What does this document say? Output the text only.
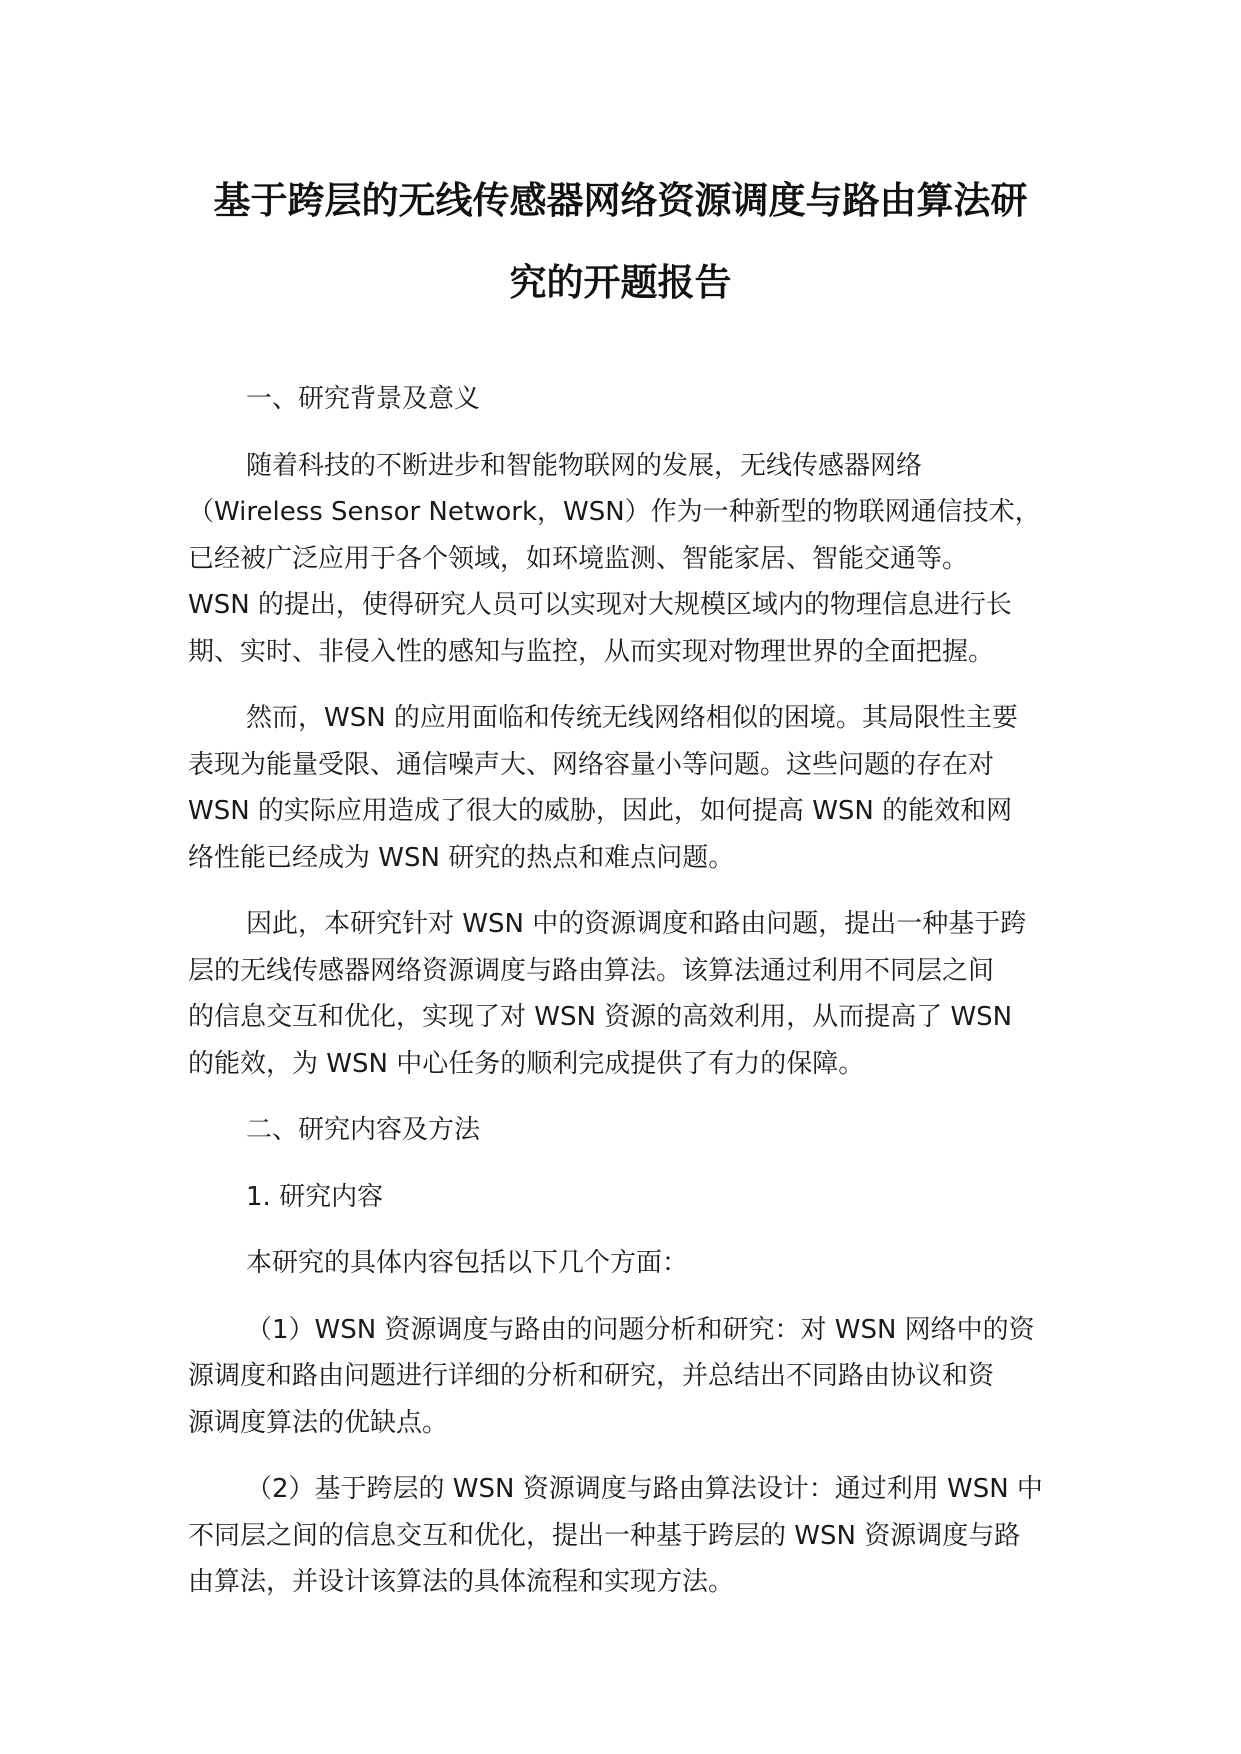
基于跨层的无线传感器网络资源调度与路由算法研
究的开题报告

一、研究背景及意义

随着科技的不断进步和智能物联网的发展，无线传感器网络
（Wireless Sensor Network，WSN）作为一种新型的物联网通信技术，
已经被广泛应用于各个领域，如环境监测、智能家居、智能交通等。
WSN 的提出，使得研究人员可以实现对大规模区域内的物理信息进行长
期、实时、非侵入性的感知与监控，从而实现对物理世界的全面把握。

然而，WSN 的应用面临和传统无线网络相似的困境。其局限性主要
表现为能量受限、通信噪声大、网络容量小等问题。这些问题的存在对
WSN 的实际应用造成了很大的威胁，因此，如何提高 WSN 的能效和网
络性能已经成为 WSN 研究的热点和难点问题。

因此，本研究针对 WSN 中的资源调度和路由问题，提出一种基于跨
层的无线传感器网络资源调度与路由算法。该算法通过利用不同层之间
的信息交互和优化，实现了对 WSN 资源的高效利用，从而提高了 WSN
的能效，为 WSN 中心任务的顺利完成提供了有力的保障。

二、研究内容及方法

1. 研究内容

本研究的具体内容包括以下几个方面：

（1）WSN 资源调度与路由的问题分析和研究：对 WSN 网络中的资
源调度和路由问题进行详细的分析和研究，并总结出不同路由协议和资
源调度算法的优缺点。

（2）基于跨层的 WSN 资源调度与路由算法设计：通过利用 WSN 中
不同层之间的信息交互和优化，提出一种基于跨层的 WSN 资源调度与路
由算法，并设计该算法的具体流程和实现方法。
